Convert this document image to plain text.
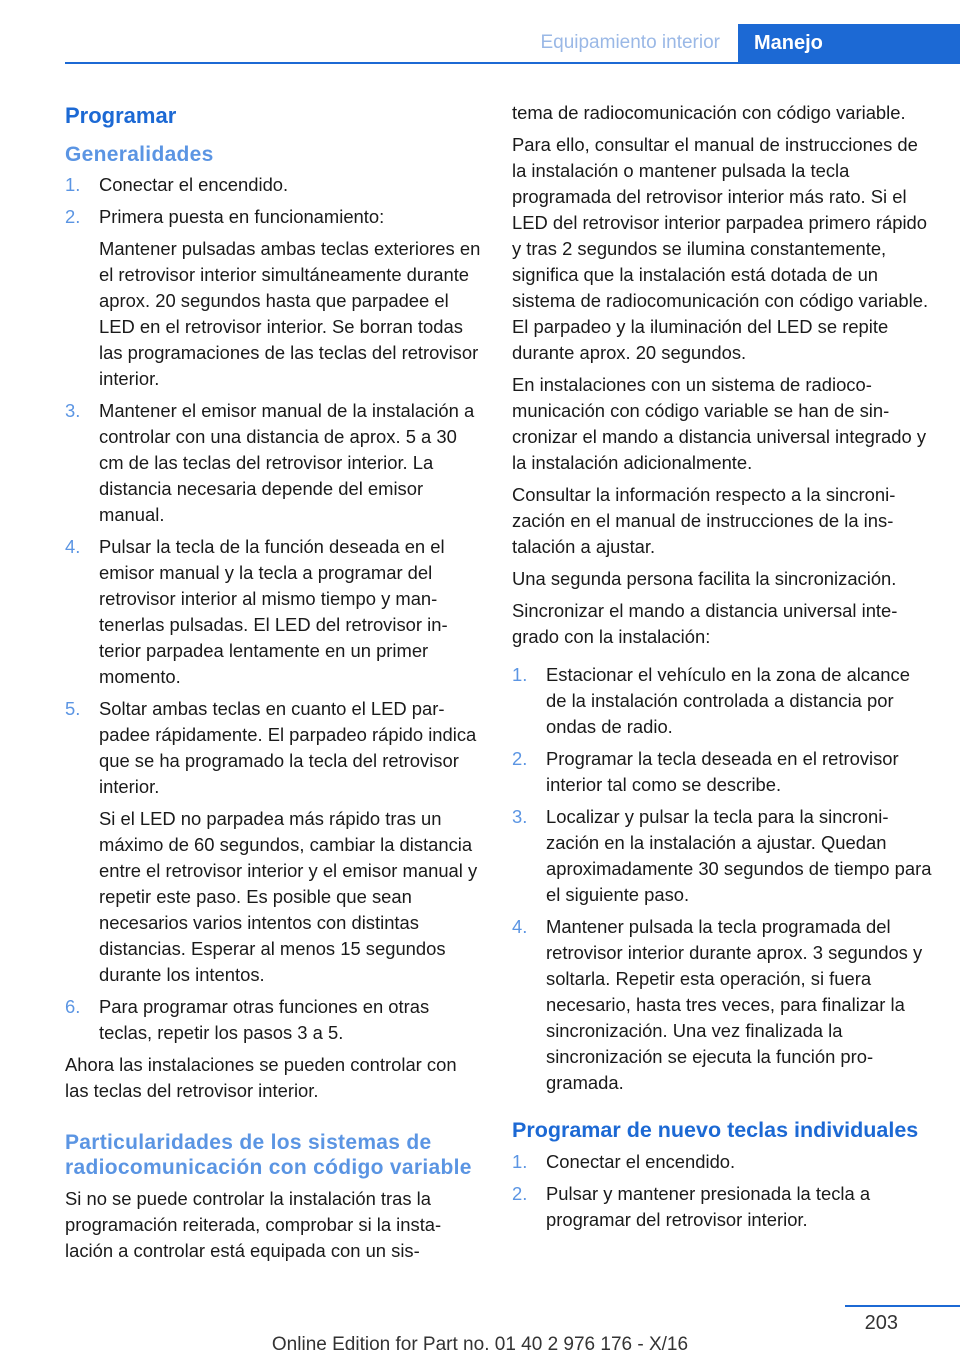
Equipamiento interior	Manejo
Programar
Generalidades
1. Conectar el encendido.
2. Primera puesta en funcionamiento:
Mantener pulsadas ambas teclas exteriores en el retrovisor interior simultáneamente durante aprox. 20 segundos hasta que parpadee el LED en el retrovisor interior. Se borran todas las programaciones de las teclas del retrovisor interior.
3. Mantener el emisor manual de la instalación a controlar con una distancia de aprox. 5 a 30 cm de las teclas del retrovisor interior. La distancia necesaria depende del emisor manual.
4. Pulsar la tecla de la función deseada en el emisor manual y la tecla a programar del retrovisor interior al mismo tiempo y mantenerlas pulsadas. El LED del retrovisor interior parpadea lentamente en un primer momento.
5. Soltar ambas teclas en cuanto el LED parpadee rápidamente. El parpadeo rápido indica que se ha programado la tecla del retrovisor interior.
Si el LED no parpadea más rápido tras un máximo de 60 segundos, cambiar la distancia entre el retrovisor interior y el emisor manual y repetir este paso. Es posible que sean necesarios varios intentos con distintas distancias. Esperar al menos 15 segundos durante los intentos.
6. Para programar otras funciones en otras teclas, repetir los pasos 3 a 5.

Ahora las instalaciones se pueden controlar con las teclas del retrovisor interior.

Particularidades de los sistemas de radiocomunicación con código variable

Si no se puede controlar la instalación tras la programación reiterada, comprobar si la instalación a controlar está equipada con un sis‐

tema de radiocomunicación con código variable.

Para ello, consultar el manual de instrucciones de la instalación o mantener pulsada la tecla programada del retrovisor interior más rato. Si el LED del retrovisor interior parpadea primero rápido y tras 2 segundos se ilumina constantemente, significa que la instalación está dotada de un sistema de radiocomunicación con código variable. El parpadeo y la iluminación del LED se repite durante aprox. 20 segundos.

En instalaciones con un sistema de radiocomunicación con código variable se han de sincronizar el mando a distancia universal integrado y la instalación adicionalmente.

Consultar la información respecto a la sincronización en el manual de instrucciones de la instalación a ajustar.

Una segunda persona facilita la sincronización.

Sincronizar el mando a distancia universal integrado con la instalación:

1. Estacionar el vehículo en la zona de alcance de la instalación controlada a distancia por ondas de radio.
2. Programar la tecla deseada en el retrovisor interior tal como se describe.
3. Localizar y pulsar la tecla para la sincronización en la instalación a ajustar. Quedan aproximadamente 30 segundos de tiempo para el siguiente paso.
4. Mantener pulsada la tecla programada del retrovisor interior durante aprox. 3 segundos y soltarla. Repetir esta operación, si fuera necesario, hasta tres veces, para finalizar la sincronización. Una vez finalizada la sincronización se ejecuta la función programada.
Programar de nuevo teclas individuales
1. Conectar el encendido.
2. Pulsar y mantener presionada la tecla a programar del retrovisor interior.
203
Online Edition for Part no. 01 40 2 976 176 - X/16
